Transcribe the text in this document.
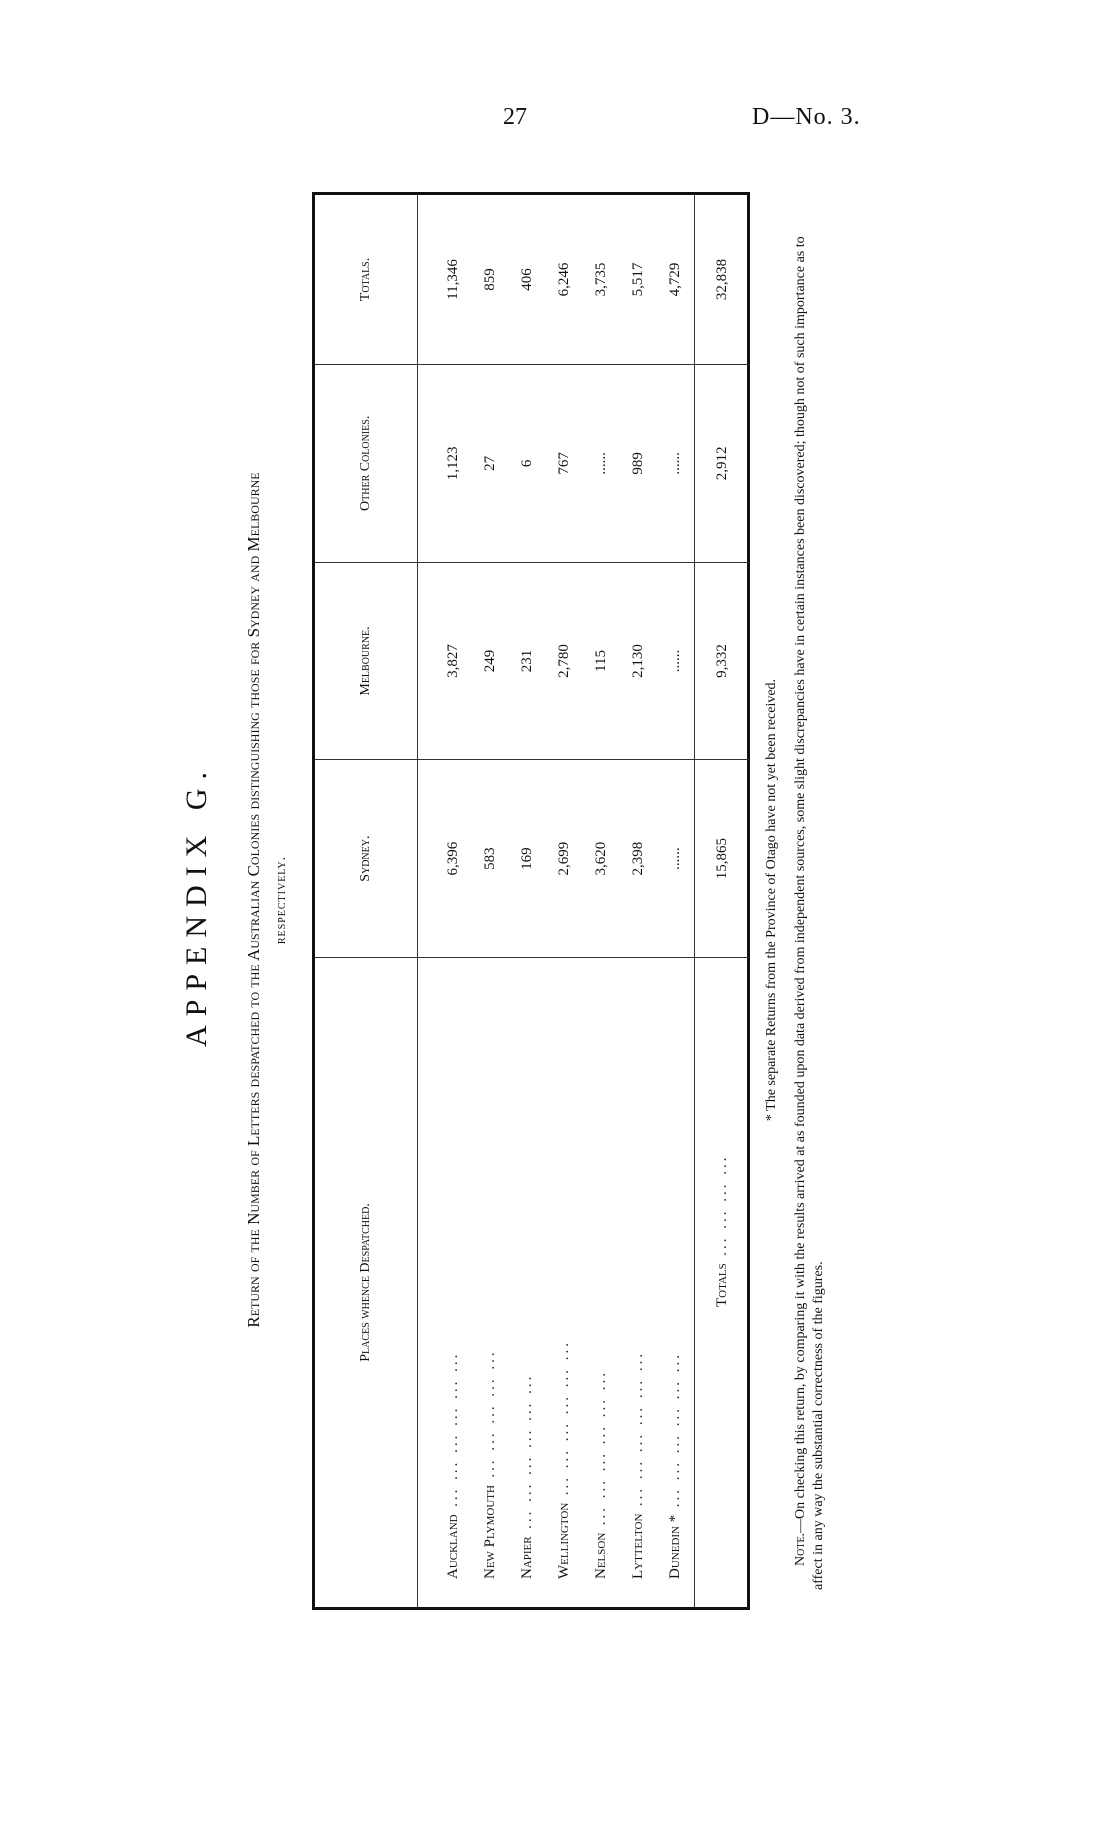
27	D—No. 3.
APPENDIX G. Return of the Number of Letters despatched to the Australian Colonies distinguishing those for Sydney and Melbourne respectively.
Places whence Despatched.	Sydney.	Melbourne.	Other Colonies.	Totals.
Auckland  ... ... ... ... ... ...	6,396	3,827	1,123	11,346
New Plymouth  ... ... ... ... ...	583	249	27	859
Napier  ... ... ... ... ... ...	169	231	6	406
Wellington  ... ... ... ... ... ...	2,699	2,780	767	6,246
Nelson  ... ... ... ... ... ...	3,620	115	......	3,735
Lyttelton  ... ... ... ... ... ...	2,398	2,130	989	5,517
Dunedin *  ... ... ... ... ... ...	......	......	......	4,729
Totals  ... ... ... ...	15,865	9,332	2,912	32,838
* The separate Returns from the Province of Otago have not yet been received.
Note.—On checking this return, by comparing it with the results arrived at as founded upon data derived from independent sources, some slight discrepancies have in certain instances been discovered; though not of such importance as to affect in any way the substantial correctness of the figures.
